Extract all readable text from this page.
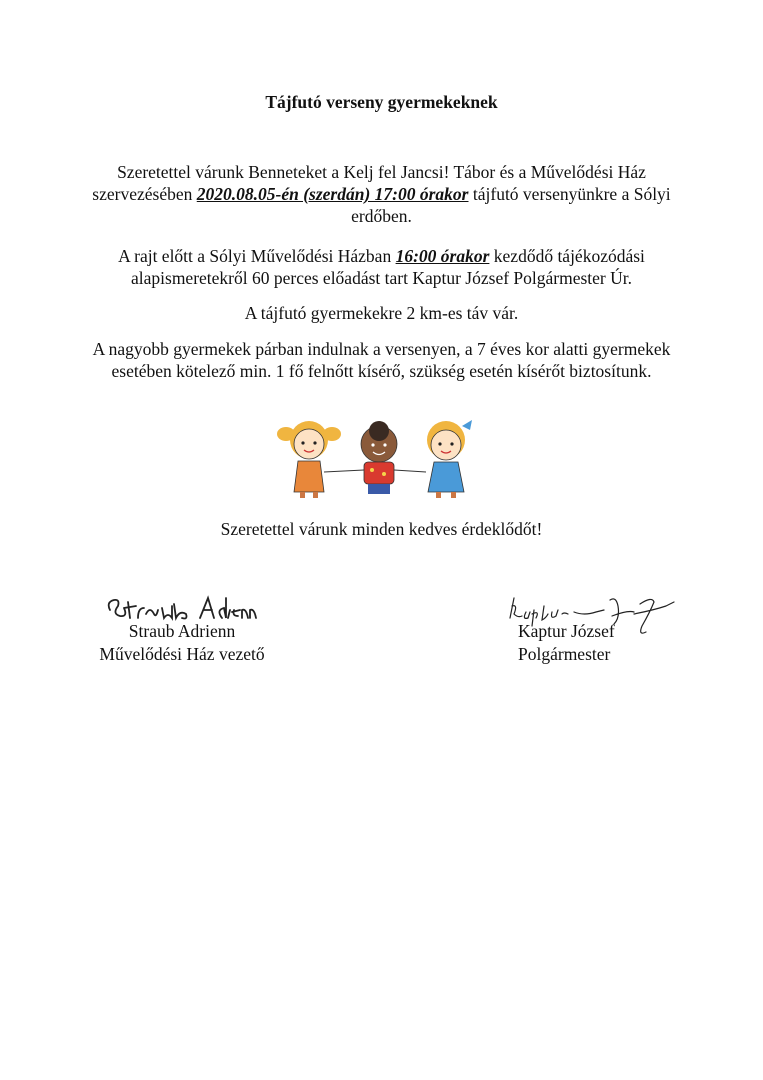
Tájfutó verseny gyermekeknek
Szeretettel várunk Benneteket a Kelj fel Jancsi! Tábor és a Művelődési Ház szervezésében 2020.08.05-én (szerdán) 17:00 órakor tájfutó versenyünkre a Sólyi erdőben.
A rajt előtt a Sólyi Művelődési Házban 16:00 órakor kezdődő tájékozódási alapismeretekről 60 perces előadást tart Kaptur József Polgármester Úr.
A tájfutó gyermekekre 2 km-es táv vár.
A nagyobb gyermekek párban indulnak a versenyen, a 7 éves kor alatti gyermekek esetében kötelező min. 1 fő felnőtt kísérő, szükség esetén kísérőt biztosítunk.
Szeretettel várunk minden kedves érdeklődőt!
Straub Adrienn
Művelődési Ház vezető
Kaptur József
Polgármester
